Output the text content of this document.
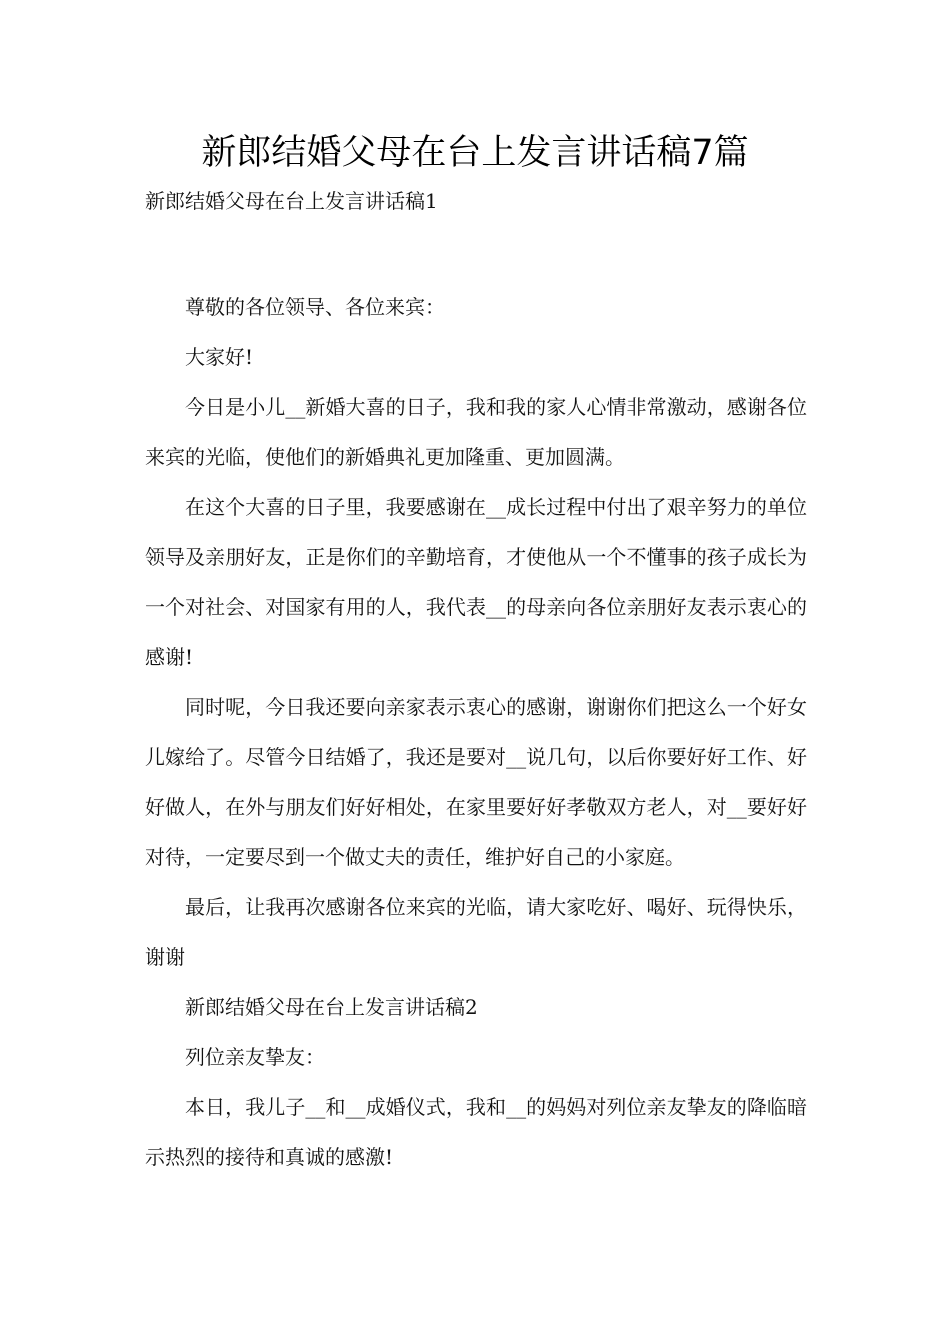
新郎结婚父母在台上发言讲话稿7篇
新郎结婚父母在台上发言讲话稿1

尊敬的各位领导、各位来宾：

大家好!

今日是小儿__新婚大喜的日子，我和我的家人心情非常激动，感谢各位来宾的光临，使他们的新婚典礼更加隆重、更加圆满。

在这个大喜的日子里，我要感谢在__成长过程中付出了艰辛努力的单位领导及亲朋好友，正是你们的辛勤培育，才使他从一个不懂事的孩子成长为一个对社会、对国家有用的人，我代表__的母亲向各位亲朋好友表示衷心的感谢!

同时呢，今日我还要向亲家表示衷心的感谢，谢谢你们把这么一个好女儿嫁给了。尽管今日结婚了，我还是要对__说几句，以后你要好好工作、好好做人，在外与朋友们好好相处，在家里要好好孝敬双方老人，对__要好好对待，一定要尽到一个做丈夫的责任，维护好自己的小家庭。

最后，让我再次感谢各位来宾的光临，请大家吃好、喝好、玩得快乐，谢谢

新郎结婚父母在台上发言讲话稿2

列位亲友挚友：

本日，我儿子__和__成婚仪式，我和__的妈妈对列位亲友挚友的降临暗示热烈的接待和真诚的感激!
